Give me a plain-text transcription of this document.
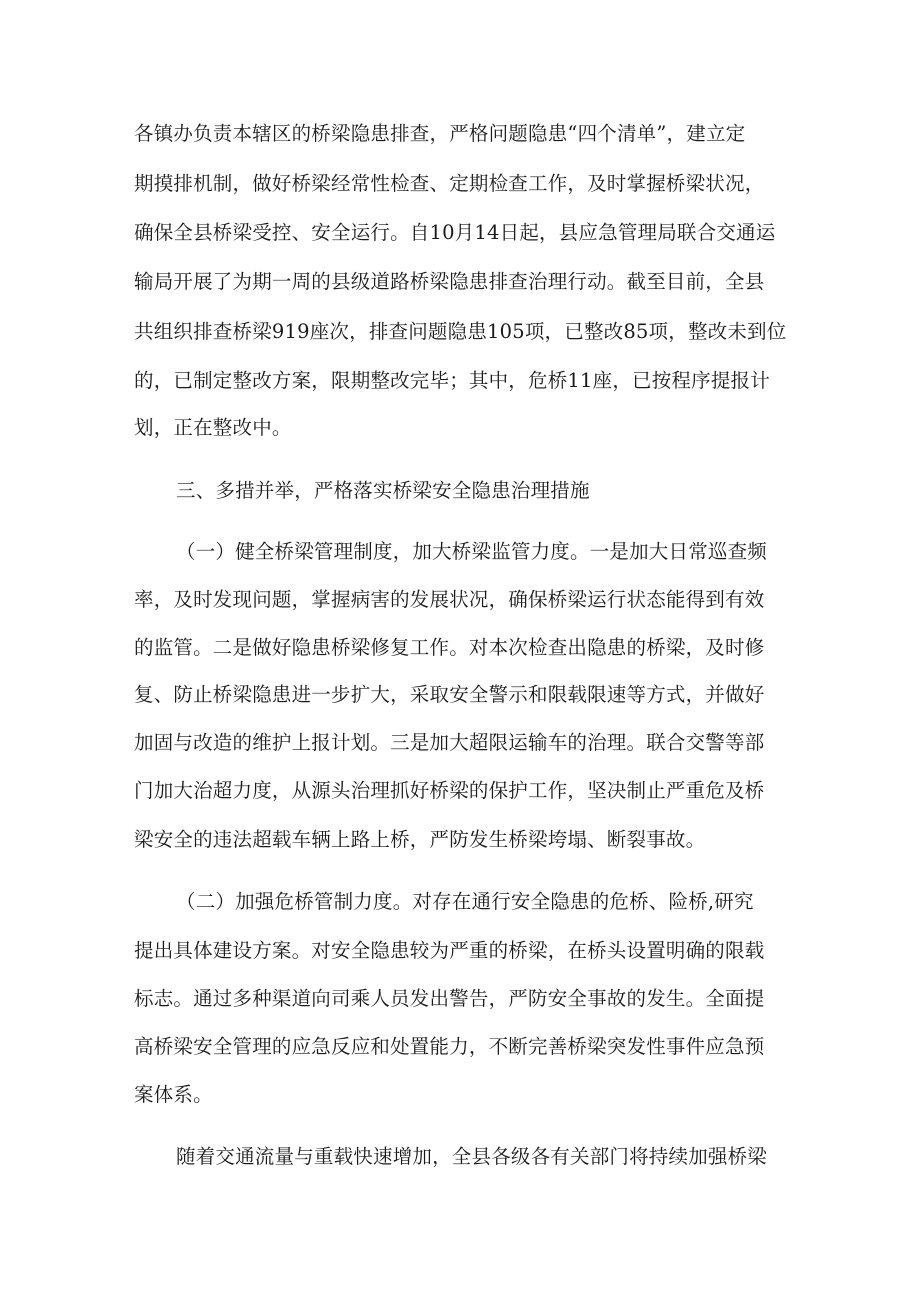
各镇办负责本辖区的桥梁隐患排查，严格问题隐患“四个清单”，建立定
期摸排机制，做好桥梁经常性检查、定期检查工作，及时掌握桥梁状况，
确保全县桥梁受控、安全运行。自10月14日起，县应急管理局联合交通运
输局开展了为期一周的县级道路桥梁隐患排查治理行动。截至目前，全县
共组织排查桥梁919座次，排查问题隐患105项，已整改85项，整改未到位
的，已制定整改方案，限期整改完毕；其中，危桥11座，已按程序提报计
划，正在整改中。
三、多措并举，严格落实桥梁安全隐患治理措施
（一）健全桥梁管理制度，加大桥梁监管力度。一是加大日常巡查频
率，及时发现问题，掌握病害的发展状况，确保桥梁运行状态能得到有效
的监管。二是做好隐患桥梁修复工作。对本次检查出隐患的桥梁，及时修
复、防止桥梁隐患进一步扩大，采取安全警示和限载限速等方式，并做好
加固与改造的维护上报计划。三是加大超限运输车的治理。联合交警等部
门加大治超力度，从源头治理抓好桥梁的保护工作，坚决制止严重危及桥
梁安全的违法超载车辆上路上桥，严防发生桥梁垮塌、断裂事故。
（二）加强危桥管制力度。对存在通行安全隐患的危桥、险桥,研究
提出具体建设方案。对安全隐患较为严重的桥梁，在桥头设置明确的限载
标志。通过多种渠道向司乘人员发出警告，严防安全事故的发生。全面提
高桥梁安全管理的应急反应和处置能力，不断完善桥梁突发性事件应急预
案体系。
随着交通流量与重载快速增加，全县各级各有关部门将持续加强桥梁
